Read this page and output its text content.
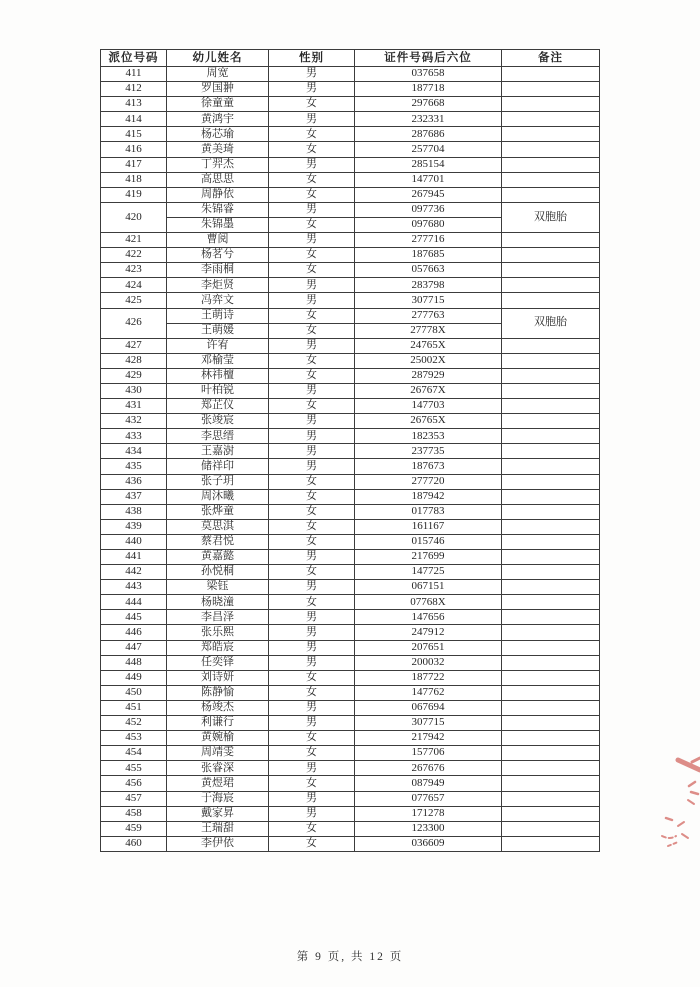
派位号码	幼儿姓名	性别	证件号码后六位	备注
411	周宽	男	037658	
412	罗国翀	男	187718	
413	徐童童	女	297668	
414	黄鸿宇	男	232331	
415	杨芯瑜	女	287686	
416	黄美琦	女	257704	
417	丁羿杰	男	285154	
418	高思思	女	147701	
419	周静依	女	267945	
420	朱锦睿	男	097736	双胞胎
	朱锦墨	女	097680	
421	曹阅	男	277716	
422	杨茗兮	女	187685	
423	李雨桐	女	057663	
424	李炬贤	男	283798	
425	冯弈文	男	307715	
426	王萌诗	女	277763	双胞胎
	王萌媛	女	27778X	
427	许宥	男	24765X	
428	邓榆莹	女	25002X	
429	林祎檀	女	287929	
430	叶柏锐	男	26767X	
431	郑芷仪	女	147703	
432	张竣宸	男	26765X	
433	李思缙	男	182353	
434	王嘉澍	男	237735	
435	储祥印	男	187673	
436	张子玥	女	277720	
437	周沐曦	女	187942	
438	张烨童	女	017783	
439	莫思淇	女	161167	
440	蔡君悦	女	015746	
441	黄嘉懿	男	217699	
442	孙悦桐	女	147725	
443	梁钰	男	067151	
444	杨晓潼	女	07768X	
445	李昌泽	男	147656	
446	张乐熙	男	247912	
447	郑皓宸	男	207651	
448	任奕铎	男	200032	
449	刘诗妍	女	187722	
450	陈静愉	女	147762	
451	杨竣杰	男	067694	
452	利谦行	男	307715	
453	黄婉榆	女	217942	
454	周靖雯	女	157706	
455	张睿深	男	267676	
456	黄煜珺	女	087949	
457	于海宸	男	077657	
458	戴家昇	男	171278	
459	王瑞甜	女	123300	
460	李伊依	女	036609	
第 9 页, 共 12 页
